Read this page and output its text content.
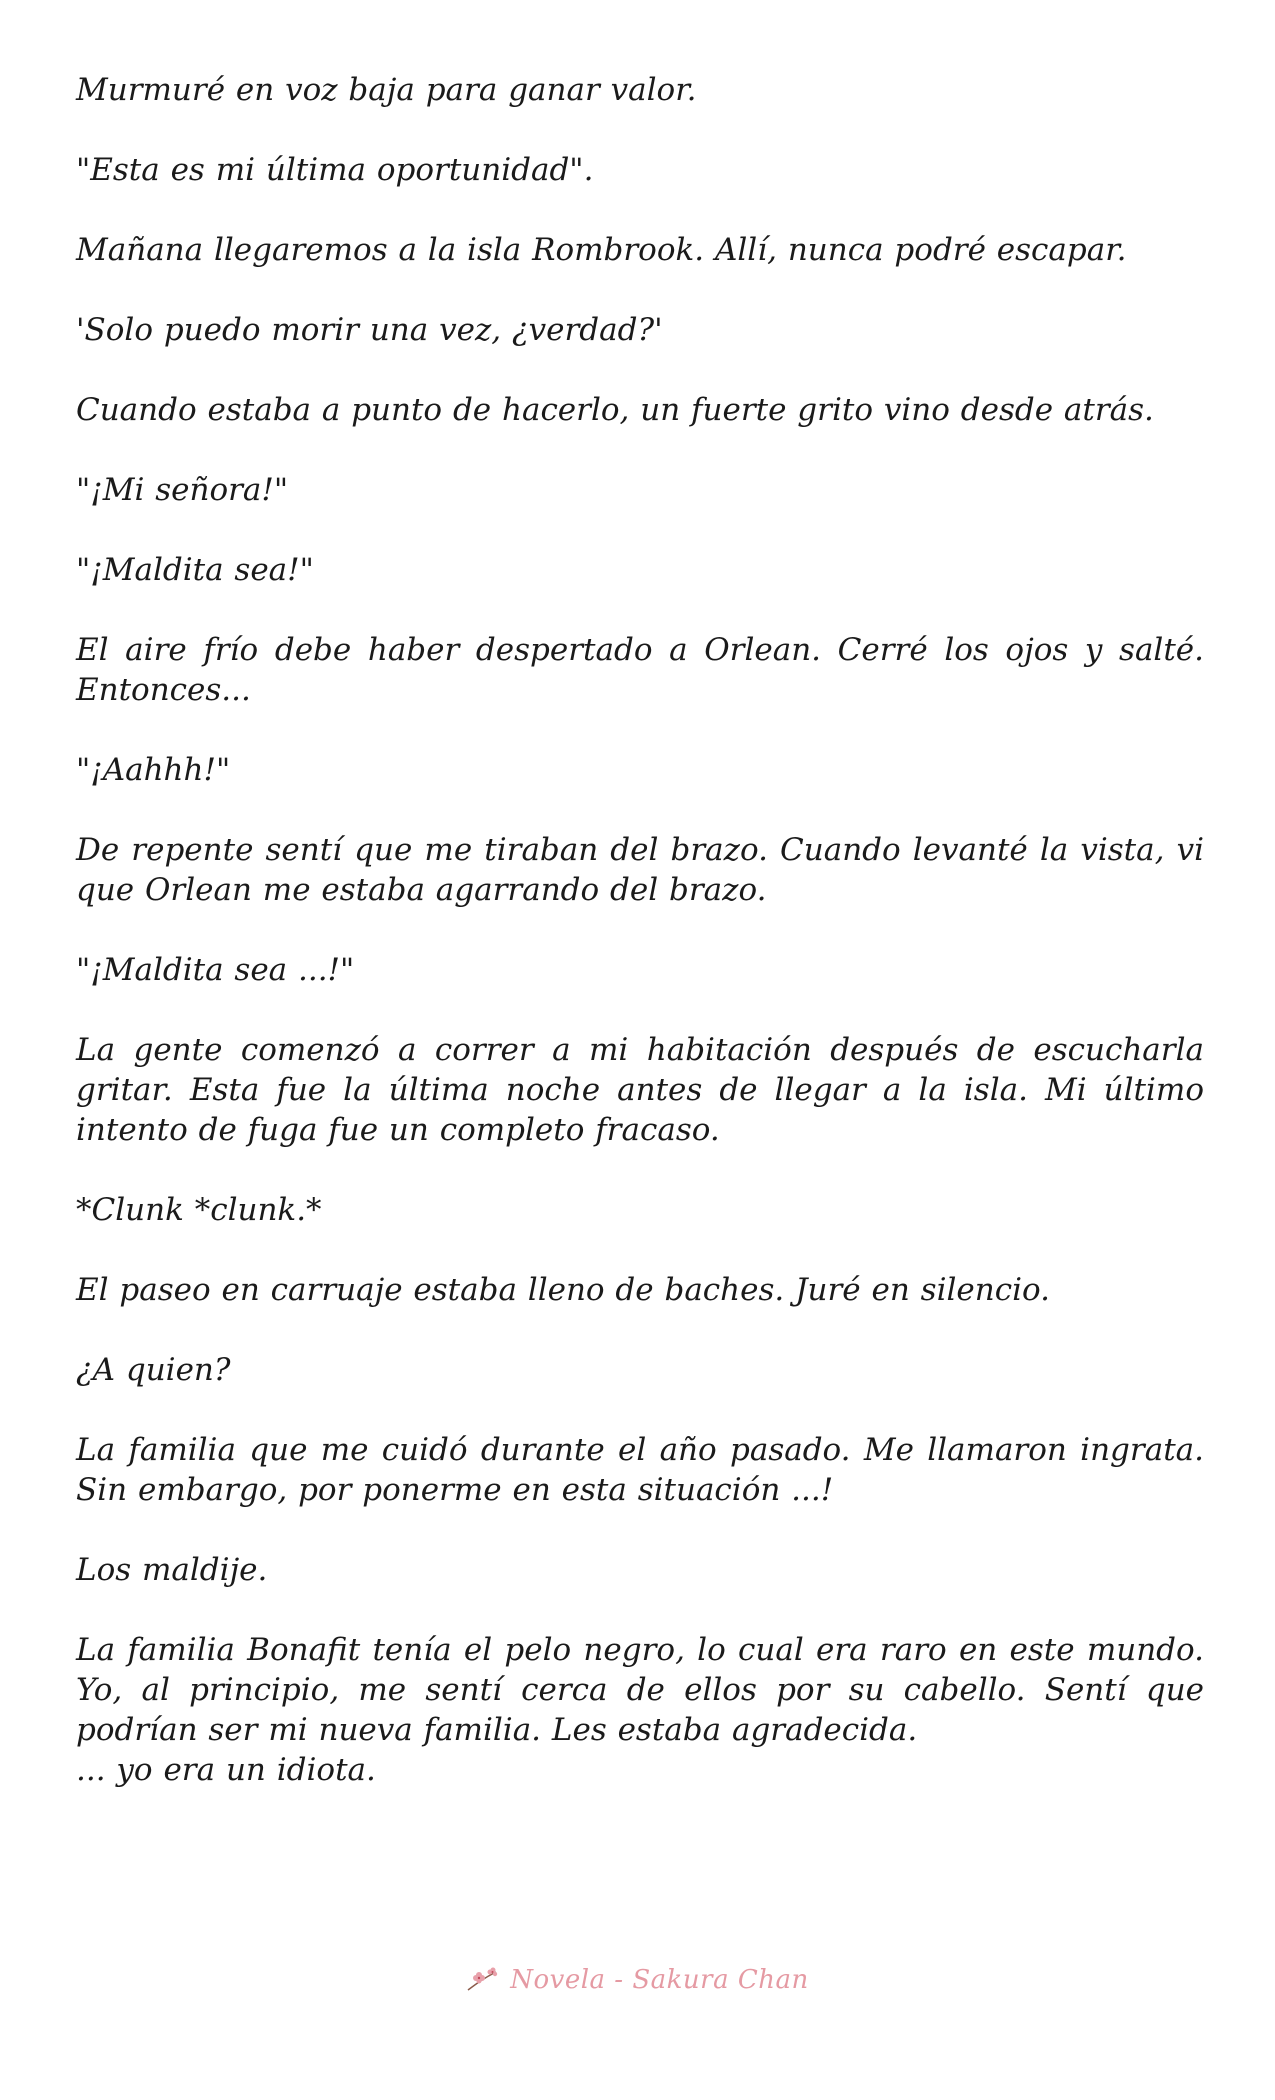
Murmuré en voz baja para ganar valor.

"Esta es mi última oportunidad".

Mañana llegaremos a la isla Rombrook. Allí, nunca podré escapar.

'Solo puedo morir una vez, ¿verdad?'

Cuando estaba a punto de hacerlo, un fuerte grito vino desde atrás.

"¡Mi señora!"

"¡Maldita sea!"

El aire frío debe haber despertado a Orlean. Cerré los ojos y salté. Entonces...

"¡Aahhh!"

De repente sentí que me tiraban del brazo. Cuando levanté la vista, vi que Orlean me estaba agarrando del brazo.

"¡Maldita sea ...!"

La gente comenzó a correr a mi habitación después de escucharla gritar. Esta fue la última noche antes de llegar a la isla. Mi último intento de fuga fue un completo fracaso.

*Clunk *clunk.*

El paseo en carruaje estaba lleno de baches. Juré en silencio.

¿A quien?

La familia que me cuidó durante el año pasado. Me llamaron ingrata. Sin embargo, por ponerme en esta situación ...!

Los maldije.

La familia Bonafit tenía el pelo negro, lo cual era raro en este mundo. Yo, al principio, me sentí cerca de ellos por su cabello. Sentí que podrían ser mi nueva familia. Les estaba agradecida.
... yo era un idiota.

Novela - Sakura Chan
